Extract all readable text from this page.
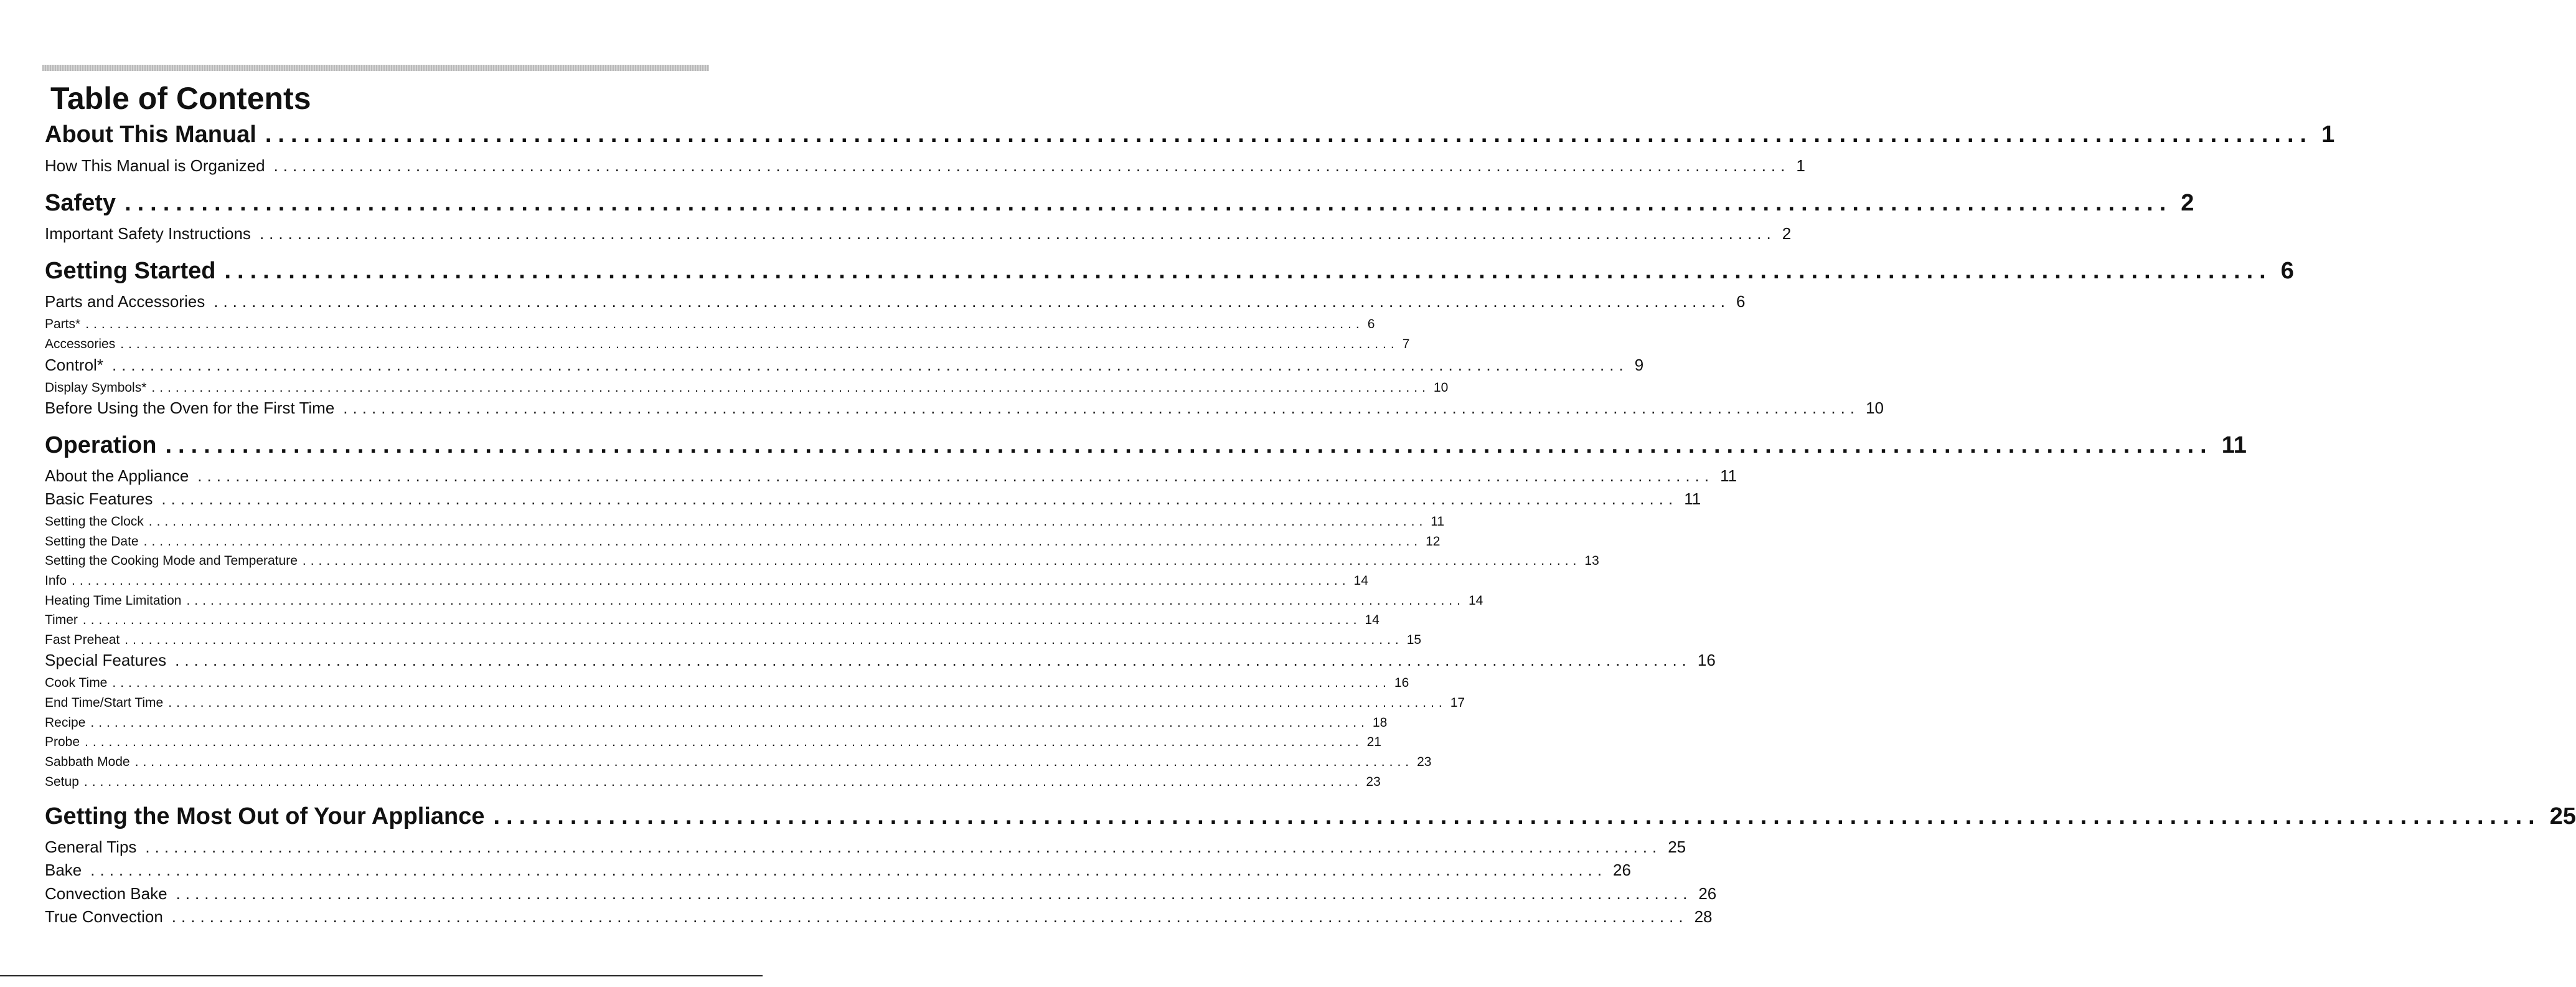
Table of Contents
About This Manual ................................................................................................................................................................ 1
How This Manual is Organized ................................................................................................................................................................ 1
Safety ................................................................................................................................................................ 2
Important Safety Instructions ................................................................................................................................................................ 2
Getting Started ................................................................................................................................................................ 6
Parts and Accessories ................................................................................................................................................................ 6
Parts* ................................................................................................................................................................ 6
Accessories ................................................................................................................................................................ 7
Control* ................................................................................................................................................................ 9
Display Symbols* ................................................................................................................................................................ 10
Before Using the Oven for the First Time ................................................................................................................................................................ 10
Operation ................................................................................................................................................................ 11
About the Appliance ................................................................................................................................................................ 11
Basic Features ................................................................................................................................................................ 11
Setting the Clock ................................................................................................................................................................ 11
Setting the Date ................................................................................................................................................................ 12
Setting the Cooking Mode and Temperature ................................................................................................................................................................ 13
Info ................................................................................................................................................................ 14
Heating Time Limitation ................................................................................................................................................................ 14
Timer ................................................................................................................................................................ 14
Fast Preheat ................................................................................................................................................................ 15
Special Features ................................................................................................................................................................ 16
Cook Time ................................................................................................................................................................ 16
End Time/Start Time ................................................................................................................................................................ 17
Recipe ................................................................................................................................................................ 18
Probe ................................................................................................................................................................ 21
Sabbath Mode ................................................................................................................................................................ 23
Setup ................................................................................................................................................................ 23
Getting the Most Out of Your Appliance ................................................................................................................................................................ 25
General Tips ................................................................................................................................................................ 25
Bake ................................................................................................................................................................ 26
Convection Bake ................................................................................................................................................................ 26
True Convection ................................................................................................................................................................ 28
